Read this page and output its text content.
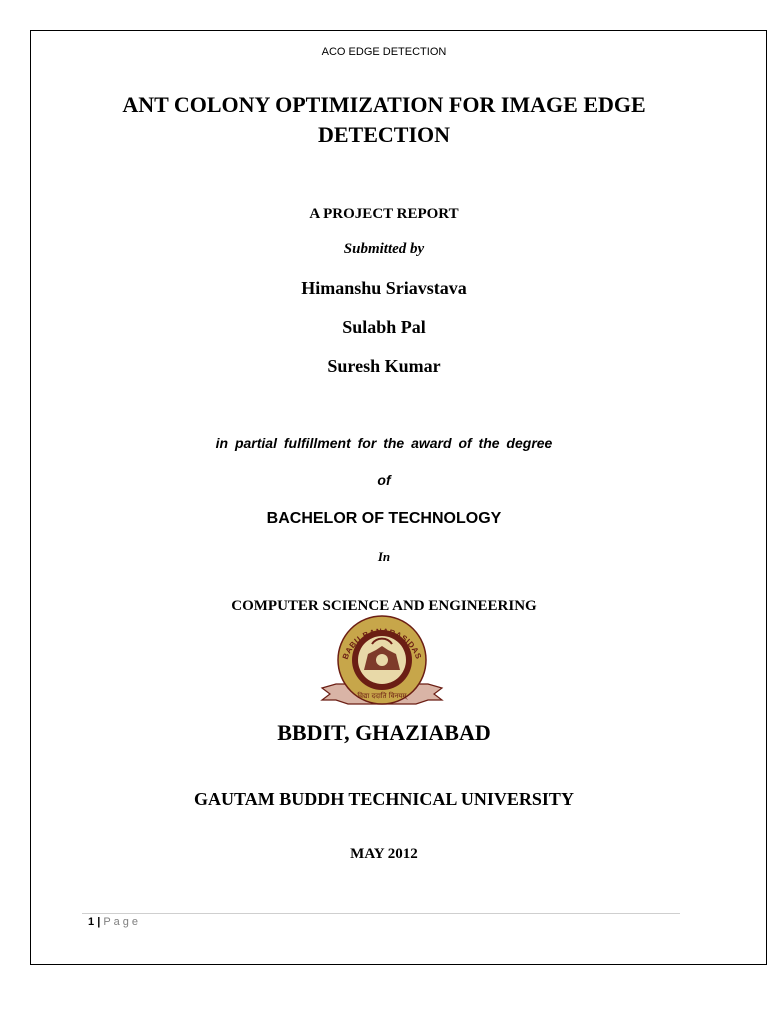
ACO EDGE DETECTION
ANT COLONY OPTIMIZATION FOR IMAGE EDGE
DETECTION
A PROJECT REPORT
Submitted by
Himanshu Sriavstava
Sulabh Pal
Suresh Kumar
in partial fulfillment for the award of the degree
of
BACHELOR OF TECHNOLOGY
In
COMPUTER SCIENCE AND ENGINEERING
BABU BANARASIDAS
विद्या ददाति विनयम्
BBDIT, GHAZIABAD
GAUTAM BUDDH TECHNICAL UNIVERSITY
MAY 2012
1 | Page
